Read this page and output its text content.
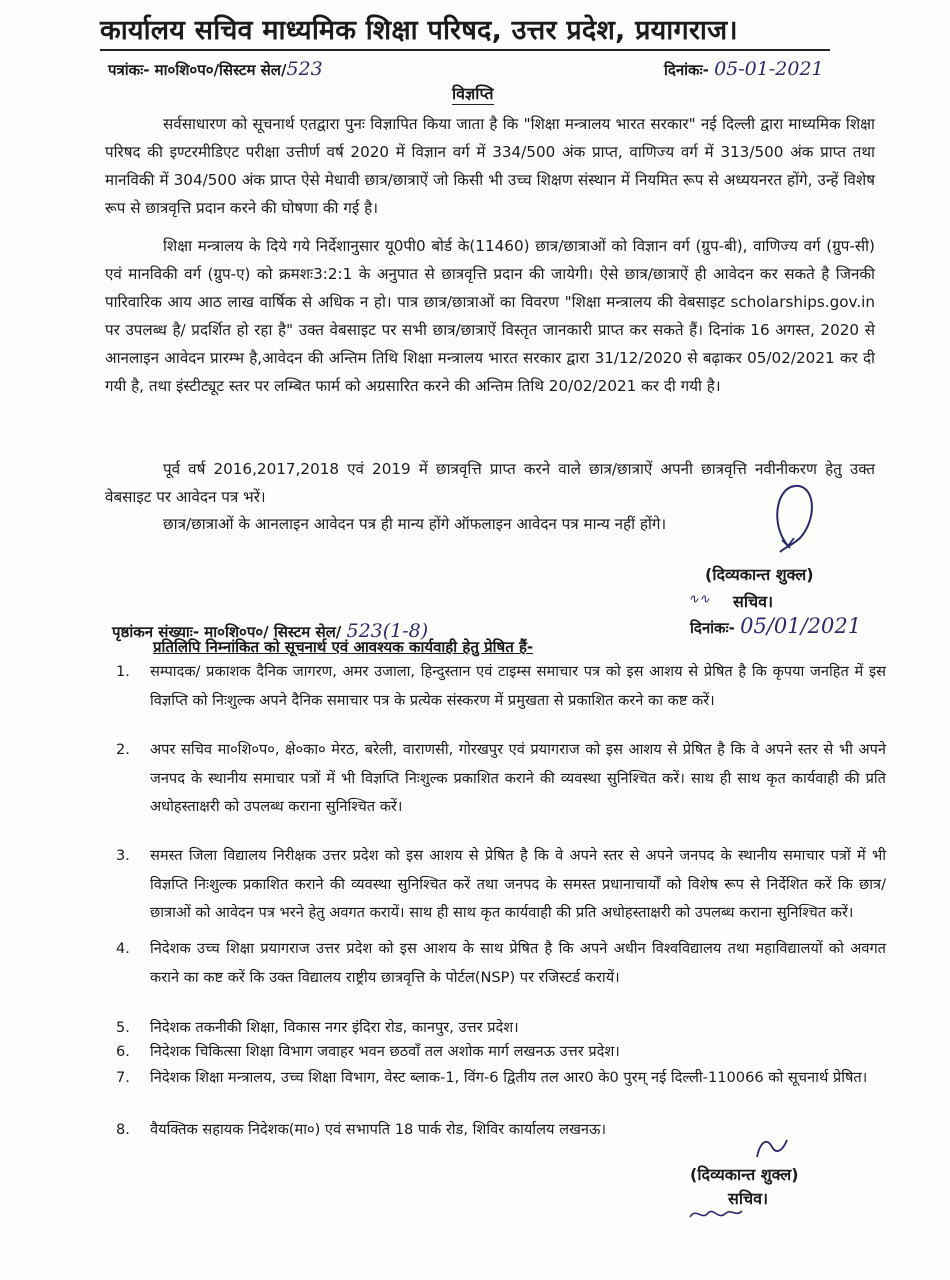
कार्यालय सचिव माध्यमिक शिक्षा परिषद, उत्तर प्रदेश, प्रयागराज।
पत्रांकः- मा०शि०प०/सिस्टम सेल/523	दिनांकः- 05-01-2021
विज्ञप्ति
सर्वसाधारण को सूचनार्थ एतद्वारा पुनः विज्ञापित किया जाता है कि "शिक्षा मन्त्रालय भारत सरकार" नई दिल्ली द्वारा माध्यमिक शिक्षा परिषद की इण्टरमीडिएट परीक्षा उत्तीर्ण वर्ष 2020 में विज्ञान वर्ग में 334/500 अंक प्राप्त, वाणिज्य वर्ग में 313/500 अंक प्राप्त तथा मानविकी में 304/500 अंक प्राप्त ऐसे मेधावी छात्र/छात्राऐं जो किसी भी उच्च शिक्षण संस्थान में नियमित रूप से अध्ययनरत होंगे, उन्हें विशेष रूप से छात्रवृत्ति प्रदान करने की घोषणा की गई है।
शिक्षा मन्त्रालय के दिये गये निर्देशानुसार यू0पी0 बोर्ड के(11460) छात्र/छात्राओं को विज्ञान वर्ग (ग्रुप-बी), वाणिज्य वर्ग (ग्रुप-सी) एवं मानविकी वर्ग (ग्रुप-ए) को क्रमशः3:2:1 के अनुपात से छात्रवृत्ति प्रदान की जायेगी। ऐसे छात्र/छात्राऐं ही आवेदन कर सकते है जिनकी पारिवारिक आय आठ लाख वार्षिक से अधिक न हो। पात्र छात्र/छात्राओं का विवरण "शिक्षा मन्त्रालय की वेबसाइट scholarships.gov.in पर उपलब्ध है/ प्रदर्शित हो रहा है" उक्त वेबसाइट पर सभी छात्र/छात्राऐं विस्तृत जानकारी प्राप्त कर सकते हैं। दिनांक 16 अगस्त, 2020 से आनलाइन आवेदन प्रारम्भ है,आवेदन की अन्तिम तिथि शिक्षा मन्त्रालय भारत सरकार द्वारा 31/12/2020 से बढ़ाकर 05/02/2021 कर दी गयी है, तथा इंस्टीट्यूट स्तर पर लम्बित फार्म को अग्रसारित करने की अन्तिम तिथि 20/02/2021 कर दी गयी है।
पूर्व वर्ष 2016,2017,2018 एवं 2019 में छात्रवृत्ति प्राप्त करने वाले छात्र/छात्राऐं अपनी छात्रवृत्ति नवीनीकरण हेतु उक्त वेबसाइट पर आवेदन पत्र भरें।
छात्र/छात्राओं के आनलाइन आवेदन पत्र ही मान्य होंगे ऑफलाइन आवेदन पत्र मान्य नहीं होंगे।
(दिव्यकान्त शुक्ल)
सचिव।
∿∿
दिनांकः- 05/01/2021
पृष्ठांकन संख्याः- मा०शि०प०/ सिस्टम सेल/ 523(1-8)
प्रतिलिपि निम्नांकित को सूचनार्थ एवं आवश्यक कार्यवाही हेतु प्रेषित हैं-
1. सम्पादक/ प्रकाशक दैनिक जागरण, अमर उजाला, हिन्दुस्तान एवं टाइम्स समाचार पत्र को इस आशय से प्रेषित है कि कृपया जनहित में इस विज्ञप्ति को निःशुल्क अपने दैनिक समाचार पत्र के प्रत्येक संस्करण में प्रमुखता से प्रकाशित करने का कष्ट करें।
2. अपर सचिव मा०शि०प०, क्षे०का० मेरठ, बरेली, वाराणसी, गोरखपुर एवं प्रयागराज को इस आशय से प्रेषित है कि वे अपने स्तर से भी अपने जनपद के स्थानीय समाचार पत्रों में भी विज्ञप्ति निःशुल्क प्रकाशित कराने की व्यवस्था सुनिश्चित करें। साथ ही साथ कृत कार्यवाही की प्रति अधोहस्ताक्षरी को उपलब्ध कराना सुनिश्चित करें।
3. समस्त जिला विद्यालय निरीक्षक उत्तर प्रदेश को इस आशय से प्रेषित है कि वे अपने स्तर से अपने जनपद के स्थानीय समाचार पत्रों में भी विज्ञप्ति निःशुल्क प्रकाशित कराने की व्यवस्था सुनिश्चित करें तथा जनपद के समस्त प्रधानाचार्यों को विशेष रूप से निर्देशित करें कि छात्र/छात्राओं को आवेदन पत्र भरने हेतु अवगत करायें। साथ ही साथ कृत कार्यवाही की प्रति अधोहस्ताक्षरी को उपलब्ध कराना सुनिश्चित करें।
4. निदेशक उच्च शिक्षा प्रयागराज उत्तर प्रदेश को इस आशय के साथ प्रेषित है कि अपने अधीन विश्वविद्यालय तथा महाविद्यालयों को अवगत कराने का कष्ट करें कि उक्त विद्यालय राष्ट्रीय छात्रवृत्ति के पोर्टल(NSP) पर रजिस्टर्ड करायें।
5. निदेशक तकनीकी शिक्षा, विकास नगर इंदिरा रोड, कानपुर, उत्तर प्रदेश।
6. निदेशक चिकित्सा शिक्षा विभाग जवाहर भवन छठवाँ तल अशोक मार्ग लखनऊ उत्तर प्रदेश।
7. निदेशक शिक्षा मन्त्रालय, उच्च शिक्षा विभाग, वेस्ट ब्लाक-1, विंग-6 द्वितीय तल आर0 के0 पुरम् नई दिल्ली-110066 को सूचनार्थ प्रेषित।
8. वैयक्तिक सहायक निदेशक(मा०) एवं सभापति 18 पार्क रोड, शिविर कार्यालय लखनऊ।
(दिव्यकान्त शुक्ल)
सचिव।
